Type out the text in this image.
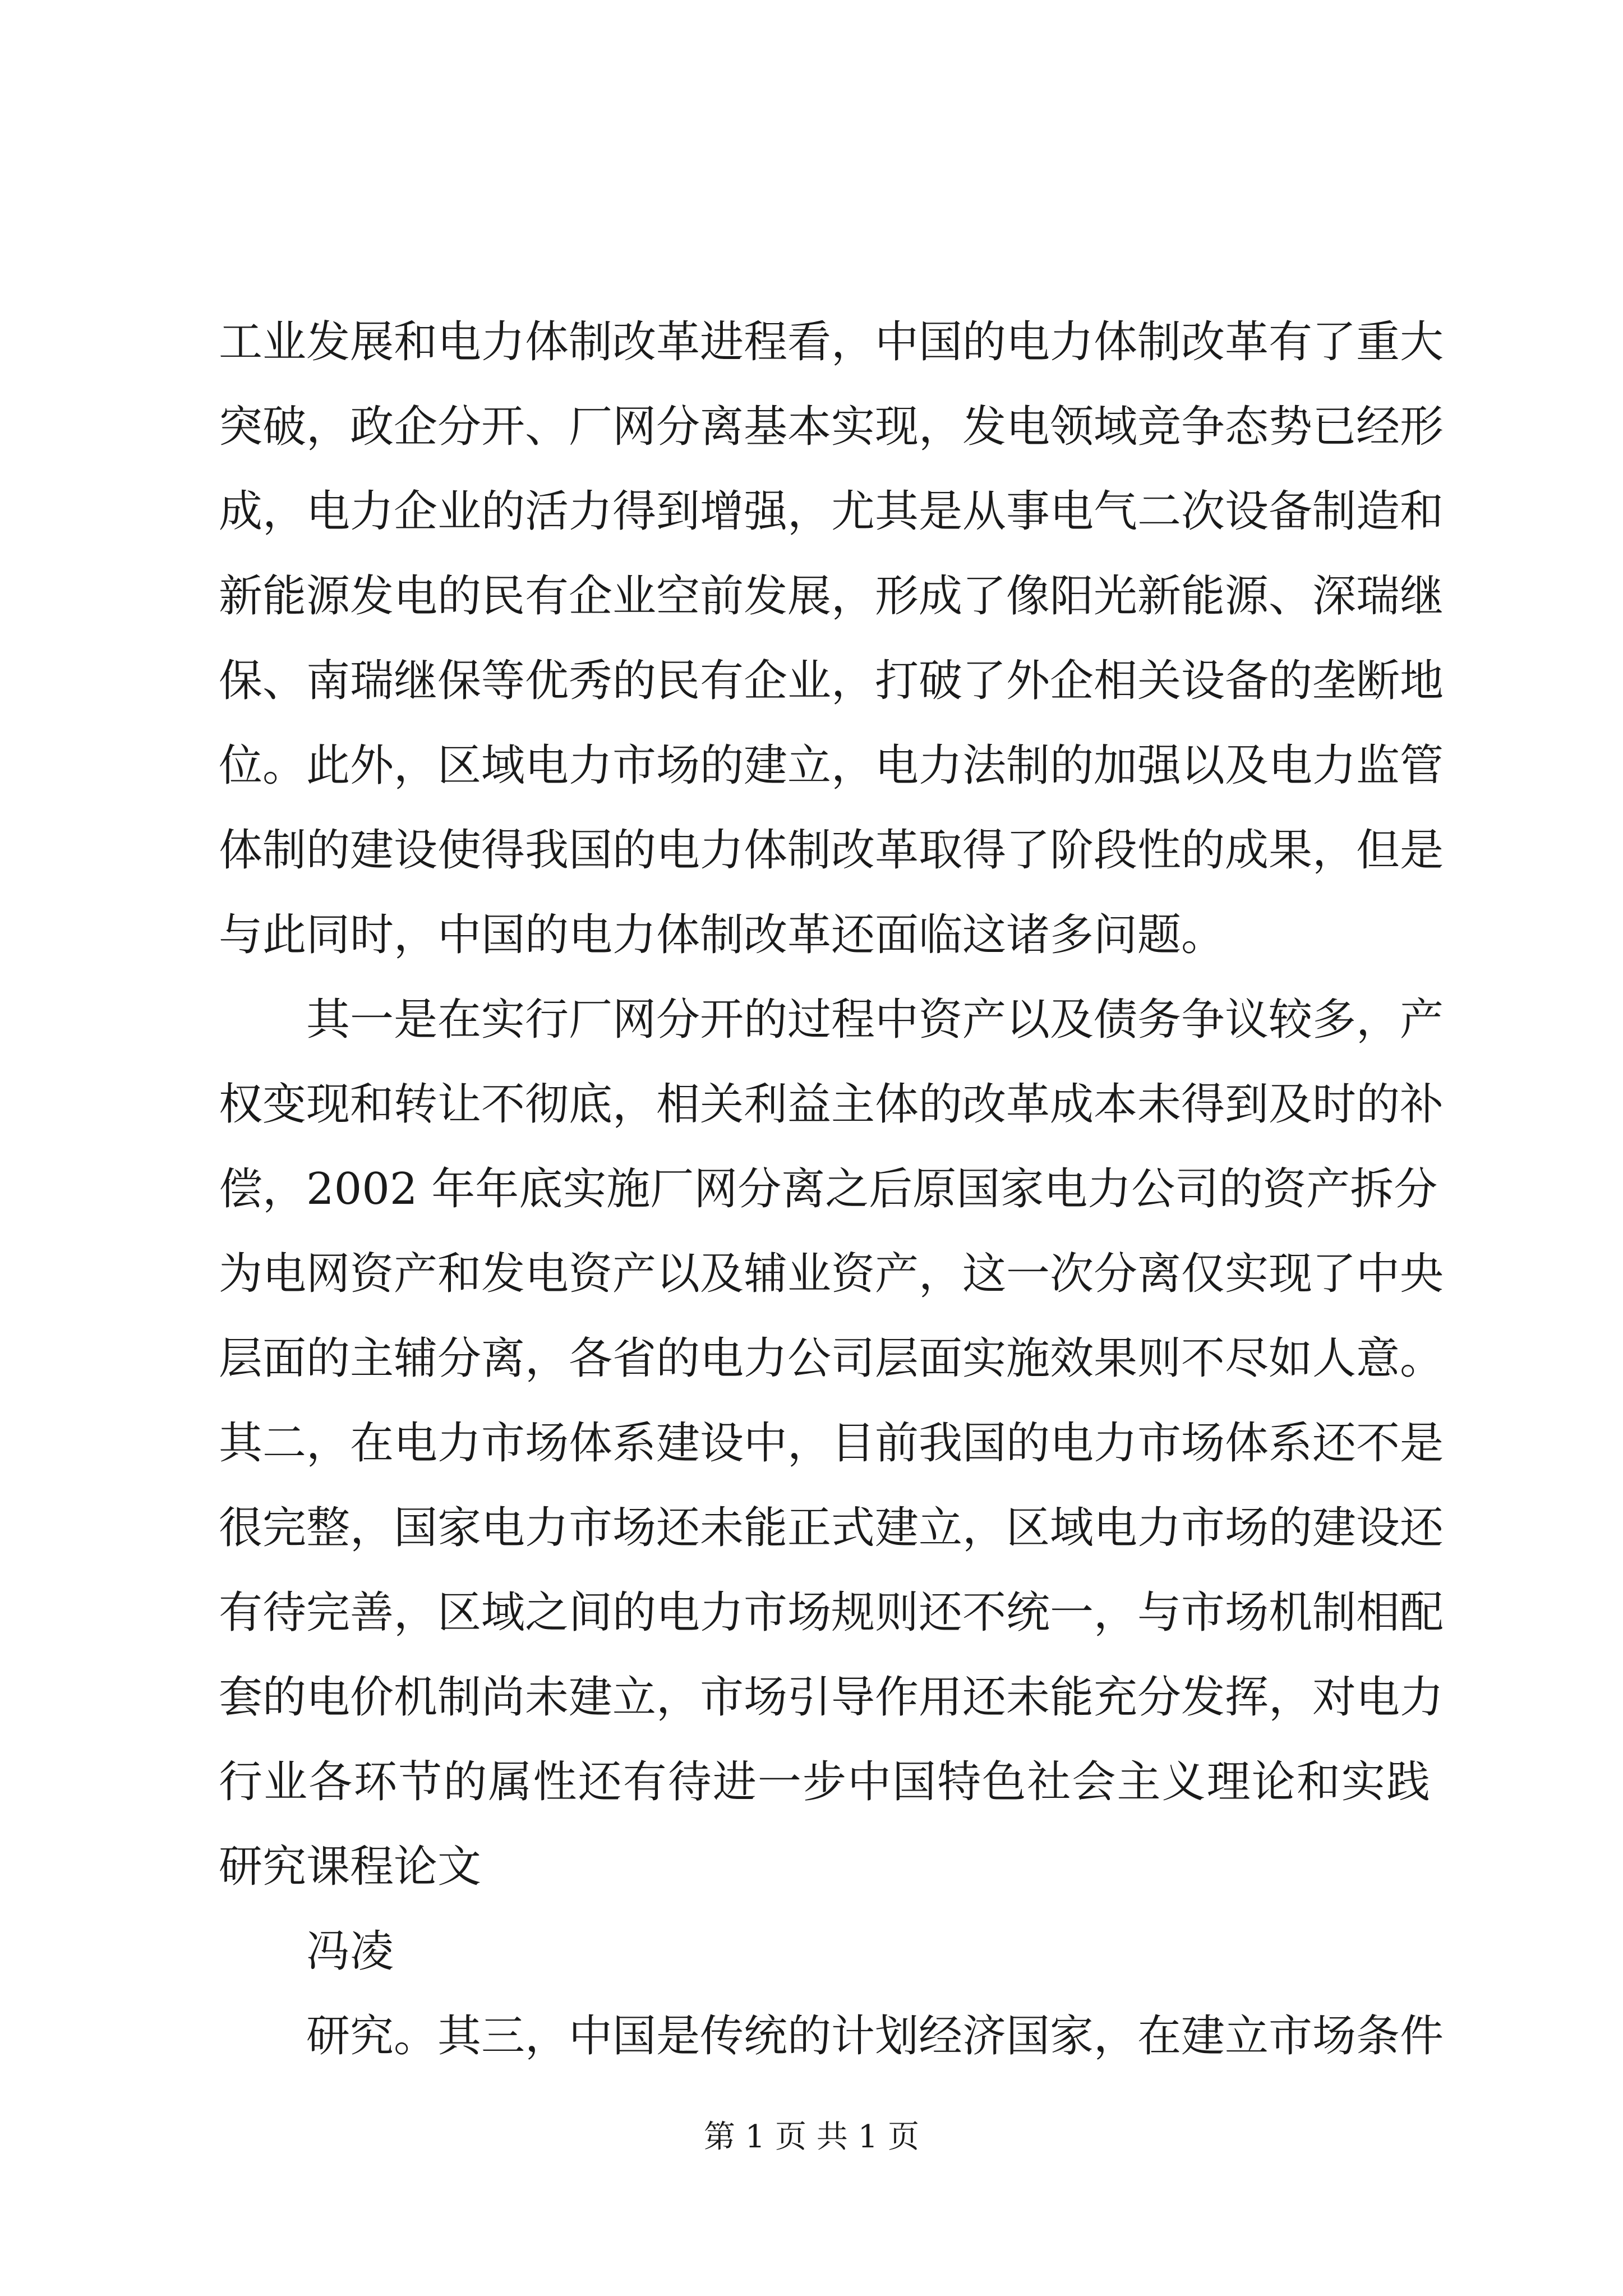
工业发展和电力体制改革进程看，中国的电力体制改革有了重大
突破，政企分开、厂网分离基本实现，发电领域竞争态势已经形
成，电力企业的活力得到增强，尤其是从事电气二次设备制造和
新能源发电的民有企业空前发展，形成了像阳光新能源、深瑞继
保、南瑞继保等优秀的民有企业，打破了外企相关设备的垄断地
位。此外，区域电力市场的建立，电力法制的加强以及电力监管
体制的建设使得我国的电力体制改革取得了阶段性的成果，但是
与此同时，中国的电力体制改革还面临这诸多问题。
其一是在实行厂网分开的过程中资产以及债务争议较多，产
权变现和转让不彻底，相关利益主体的改革成本未得到及时的补
偿，2002 年年底实施厂网分离之后原国家电力公司的资产拆分
为电网资产和发电资产以及辅业资产，这一次分离仅实现了中央
层面的主辅分离，各省的电力公司层面实施效果则不尽如人意。
其二，在电力市场体系建设中，目前我国的电力市场体系还不是
很完整，国家电力市场还未能正式建立，区域电力市场的建设还
有待完善，区域之间的电力市场规则还不统一，与市场机制相配
套的电价机制尚未建立，市场引导作用还未能充分发挥，对电力
行业各环节的属性还有待进一步中国特色社会主义理论和实践
研究课程论文
冯凌
研究。其三，中国是传统的计划经济国家，在建立市场条件
第 1 页 共 1 页
